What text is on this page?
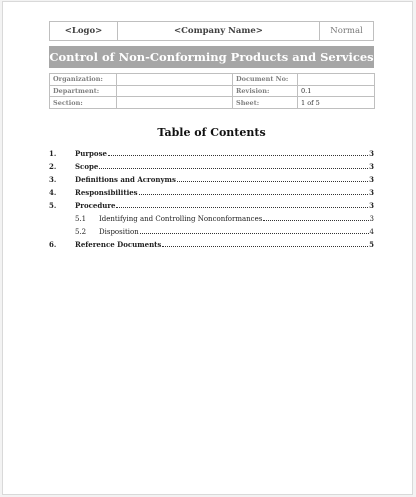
<Logo>	<Company Name>	Normal
Control of Non-Conforming Products and Services
Organization:		Document No:	
Department:		Revision:	0.1
Section:		Sheet:	1 of 5
Table of Contents
1.	Purpose	3
2.	Scope	3
3.	Definitions and Acronyms	3
4.	Responsibilities	3
5.	Procedure	3
5.1	Identifying and Controlling Nonconformances	3
5.2	Disposition	4
6.	Reference Documents	5
